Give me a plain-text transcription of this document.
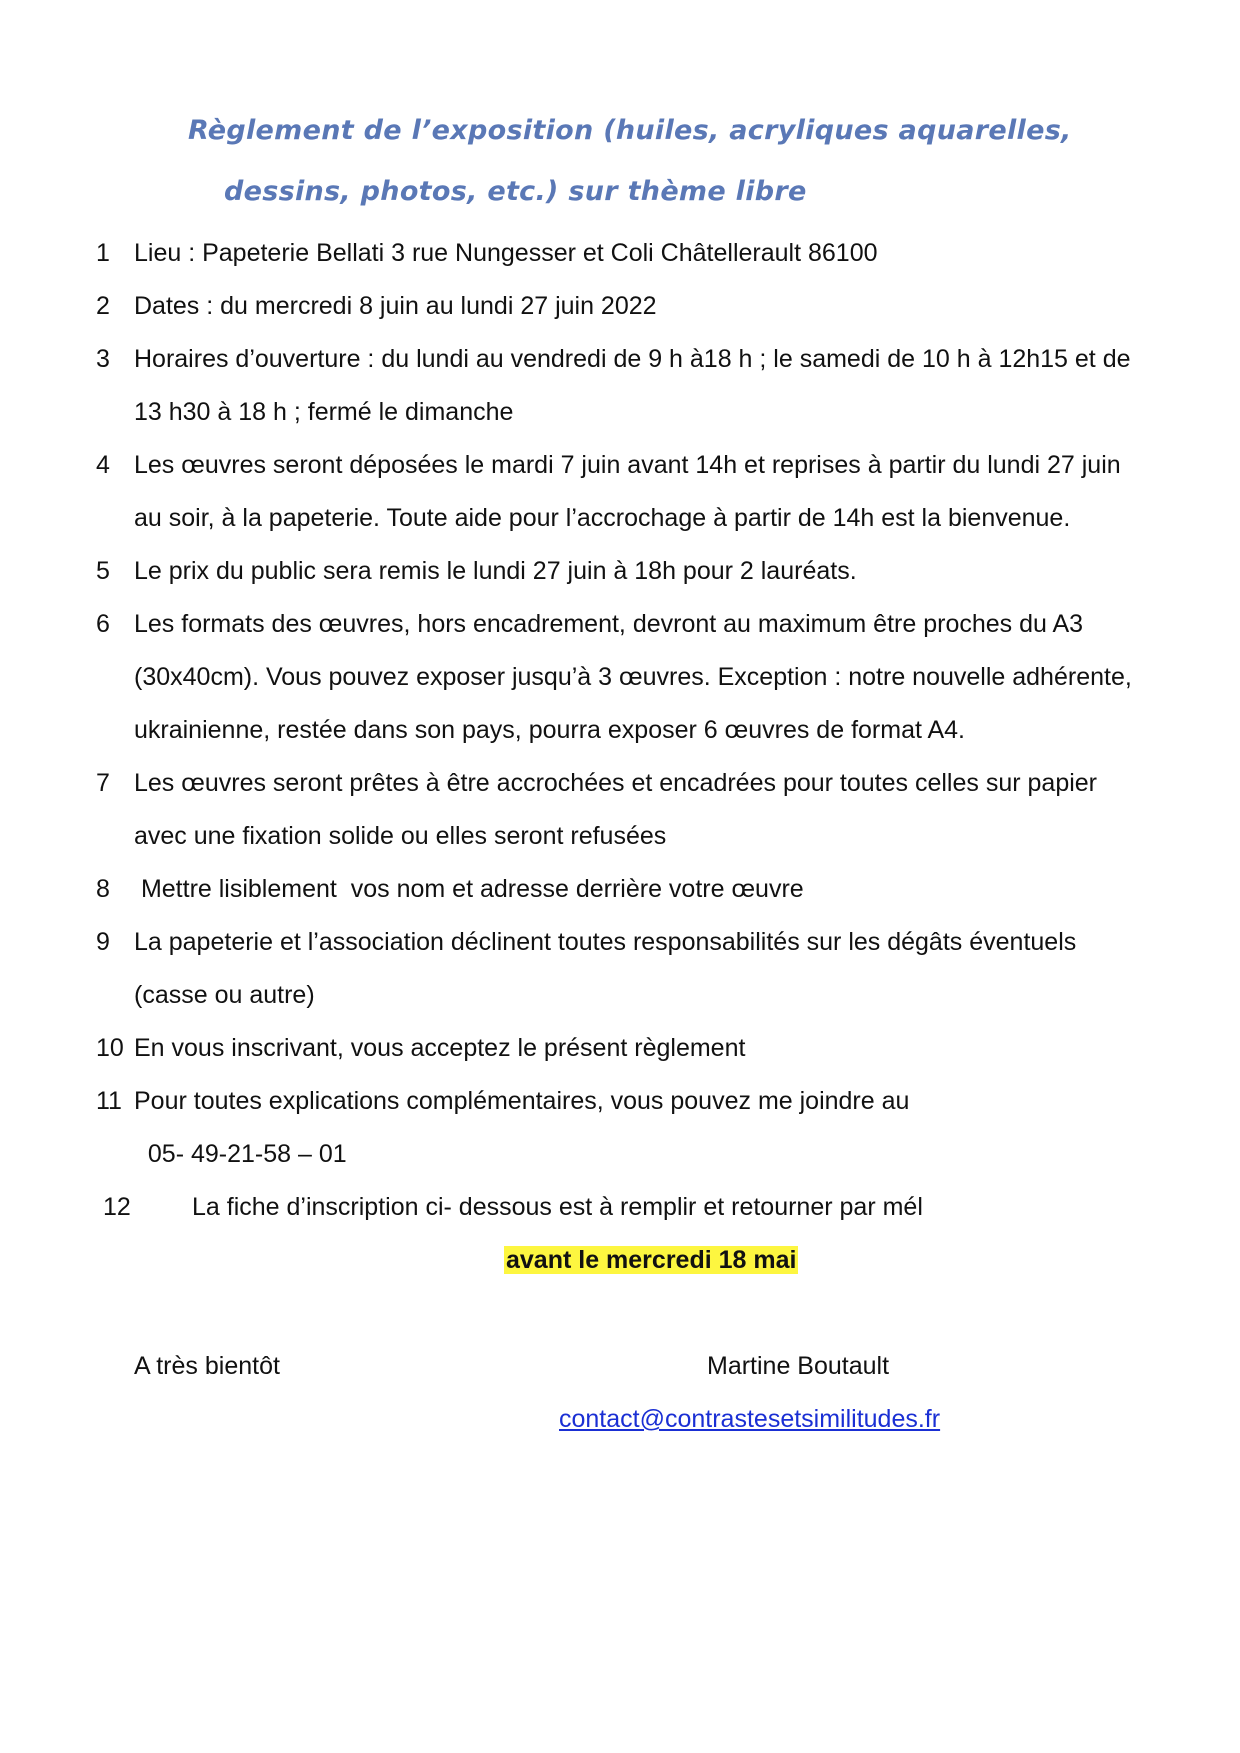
Règlement de l’exposition (huiles, acryliques aquarelles,
dessins, photos, etc.) sur thème libre
1 Lieu : Papeterie Bellati 3 rue Nungesser et Coli Châtellerault 86100
2 Dates : du mercredi 8 juin au lundi 27 juin 2022
3 Horaires d’ouverture : du lundi au vendredi de 9 h à18 h ; le samedi de 10 h à 12h15 et de
13 h30 à 18 h ; fermé le dimanche
4 Les œuvres seront déposées le mardi 7 juin avant 14h et reprises à partir du lundi 27 juin
au soir, à la papeterie. Toute aide pour l’accrochage à partir de 14h est la bienvenue.
5 Le prix du public sera remis le lundi 27 juin à 18h pour 2 lauréats.
6 Les formats des œuvres, hors encadrement, devront au maximum être proches du A3
(30x40cm). Vous pouvez exposer jusqu’à 3 œuvres. Exception : notre nouvelle adhérente,
ukrainienne, restée dans son pays, pourra exposer 6 œuvres de format A4.
7 Les œuvres seront prêtes à être accrochées et encadrées pour toutes celles sur papier
avec une fixation solide ou elles seront refusées
8 Mettre lisiblement  vos nom et adresse derrière votre œuvre
9 La papeterie et l’association déclinent toutes responsabilités sur les dégâts éventuels
(casse ou autre)
10 En vous inscrivant, vous acceptez le présent règlement
11 Pour toutes explications complémentaires, vous pouvez me joindre au
05- 49-21-58 – 01
12 La fiche d’inscription ci- dessous est à remplir et retourner par mél
avant le mercredi 18 mai
A très bientôt	Martine Boutault
contact@contrastesetsimilitudes.fr
